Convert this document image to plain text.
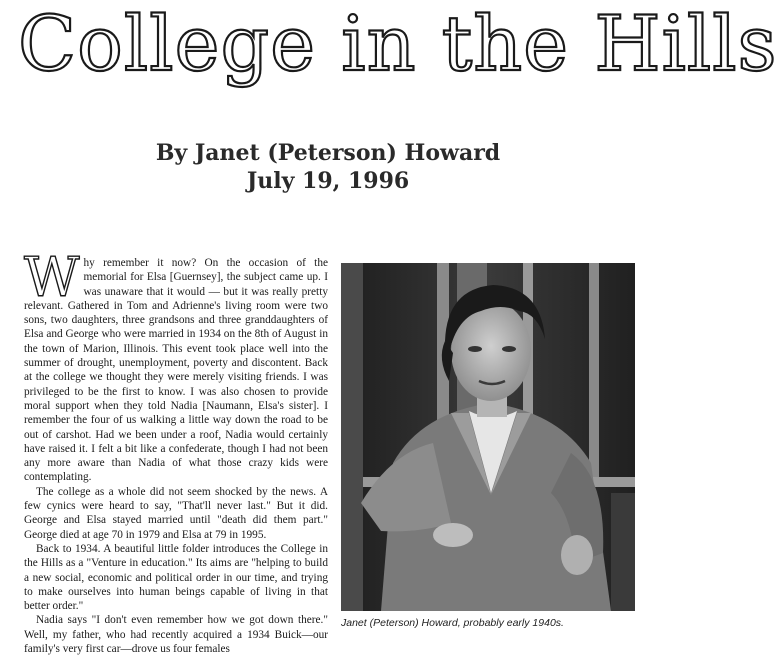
College in the Hills
By Janet (Peterson) Howard
July 19, 1996

Why remember it now? On the occasion of the memorial for Elsa [Guernsey], the subject came up. I was unaware that it would — but it was really pretty relevant. Gathered in Tom and Adrienne's living room were two sons, two daughters, three grandsons and three granddaughters of Elsa and George who were married in 1934 on the 8th of August in the town of Marion, Illinois. This event took place well into the summer of drought, unemployment, poverty and discontent. Back at the college we thought they were merely visiting friends. I was privileged to be the first to know. I was also chosen to provide moral support when they told Nadia [Naumann, Elsa's sister]. I remember the four of us walking a little way down the road to be out of carshot. Had we been under a roof, Nadia would certainly have raised it. I felt a bit like a confederate, though I had not been any more aware than Nadia of what those crazy kids were contemplating.

The college as a whole did not seem shocked by the news. A few cynics were heard to say, "That'll never last." But it did. George and Elsa stayed married until "death did them part." George died at age 70 in 1979 and Elsa at 79 in 1995.

Back to 1934. A beautiful little folder introduces the College in the Hills as a "Venture in education." Its aims are "helping to build a new social, economic and political order in our time, and trying to make ourselves into human beings capable of living in that better order."

Nadia says "I don't even remember how we got down there." Well, my father, who had recently acquired a 1934 Buick—our family's very first car—drove us four females

Janet (Peterson) Howard, probably early 1940s.
